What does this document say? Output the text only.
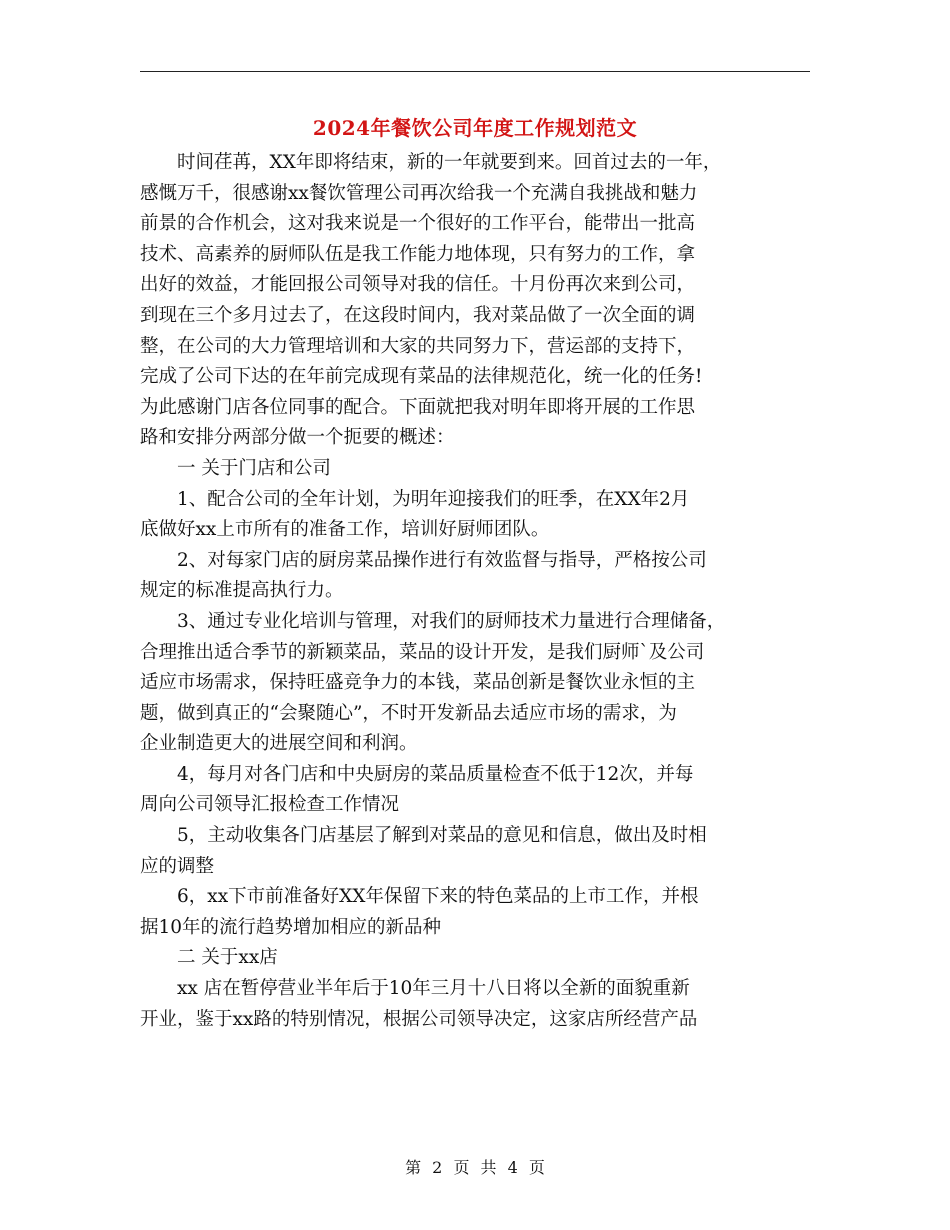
2024年餐饮公司年度工作规划范文
　　时间荏苒，XX年即将结束，新的一年就要到来。回首过去的一年，
感慨万千，很感谢xx餐饮管理公司再次给我一个充满自我挑战和魅力
前景的合作机会，这对我来说是一个很好的工作平台，能带出一批高
技术、高素养的厨师队伍是我工作能力地体现，只有努力的工作，拿
出好的效益，才能回报公司领导对我的信任。十月份再次来到公司，
到现在三个多月过去了，在这段时间内，我对菜品做了一次全面的调
整，在公司的大力管理培训和大家的共同努力下，营运部的支持下，
完成了公司下达的在年前完成现有菜品的法律规范化，统一化的任务!
为此感谢门店各位同事的配合。下面就把我对明年即将开展的工作思
路和安排分两部分做一个扼要的概述：
　　一 关于门店和公司
　　1、配合公司的全年计划，为明年迎接我们的旺季，在XX年2月
底做好xx上市所有的准备工作，培训好厨师团队。
　　2、对每家门店的厨房菜品操作进行有效监督与指导，严格按公司
规定的标准提高执行力。
　　3、通过专业化培训与管理，对我们的厨师技术力量进行合理储备，
合理推出适合季节的新颖菜品，菜品的设计开发，是我们厨师`及公司
适应市场需求，保持旺盛竞争力的本钱，菜品创新是餐饮业永恒的主
题，做到真正的“会聚随心”，不时开发新品去适应市场的需求，为
企业制造更大的进展空间和利润。
　　4，每月对各门店和中央厨房的菜品质量检查不低于12次，并每
周向公司领导汇报检查工作情况
　　5，主动收集各门店基层了解到对菜品的意见和信息，做出及时相
应的调整
　　6，xx下市前准备好XX年保留下来的特色菜品的上市工作，并根
据10年的流行趋势增加相应的新品种
　　二 关于xx店
　　xx 店在暂停营业半年后于10年三月十八日将以全新的面貌重新
开业，鉴于xx路的特别情况，根据公司领导决定，这家店所经营产品
第 2 页 共 4 页
